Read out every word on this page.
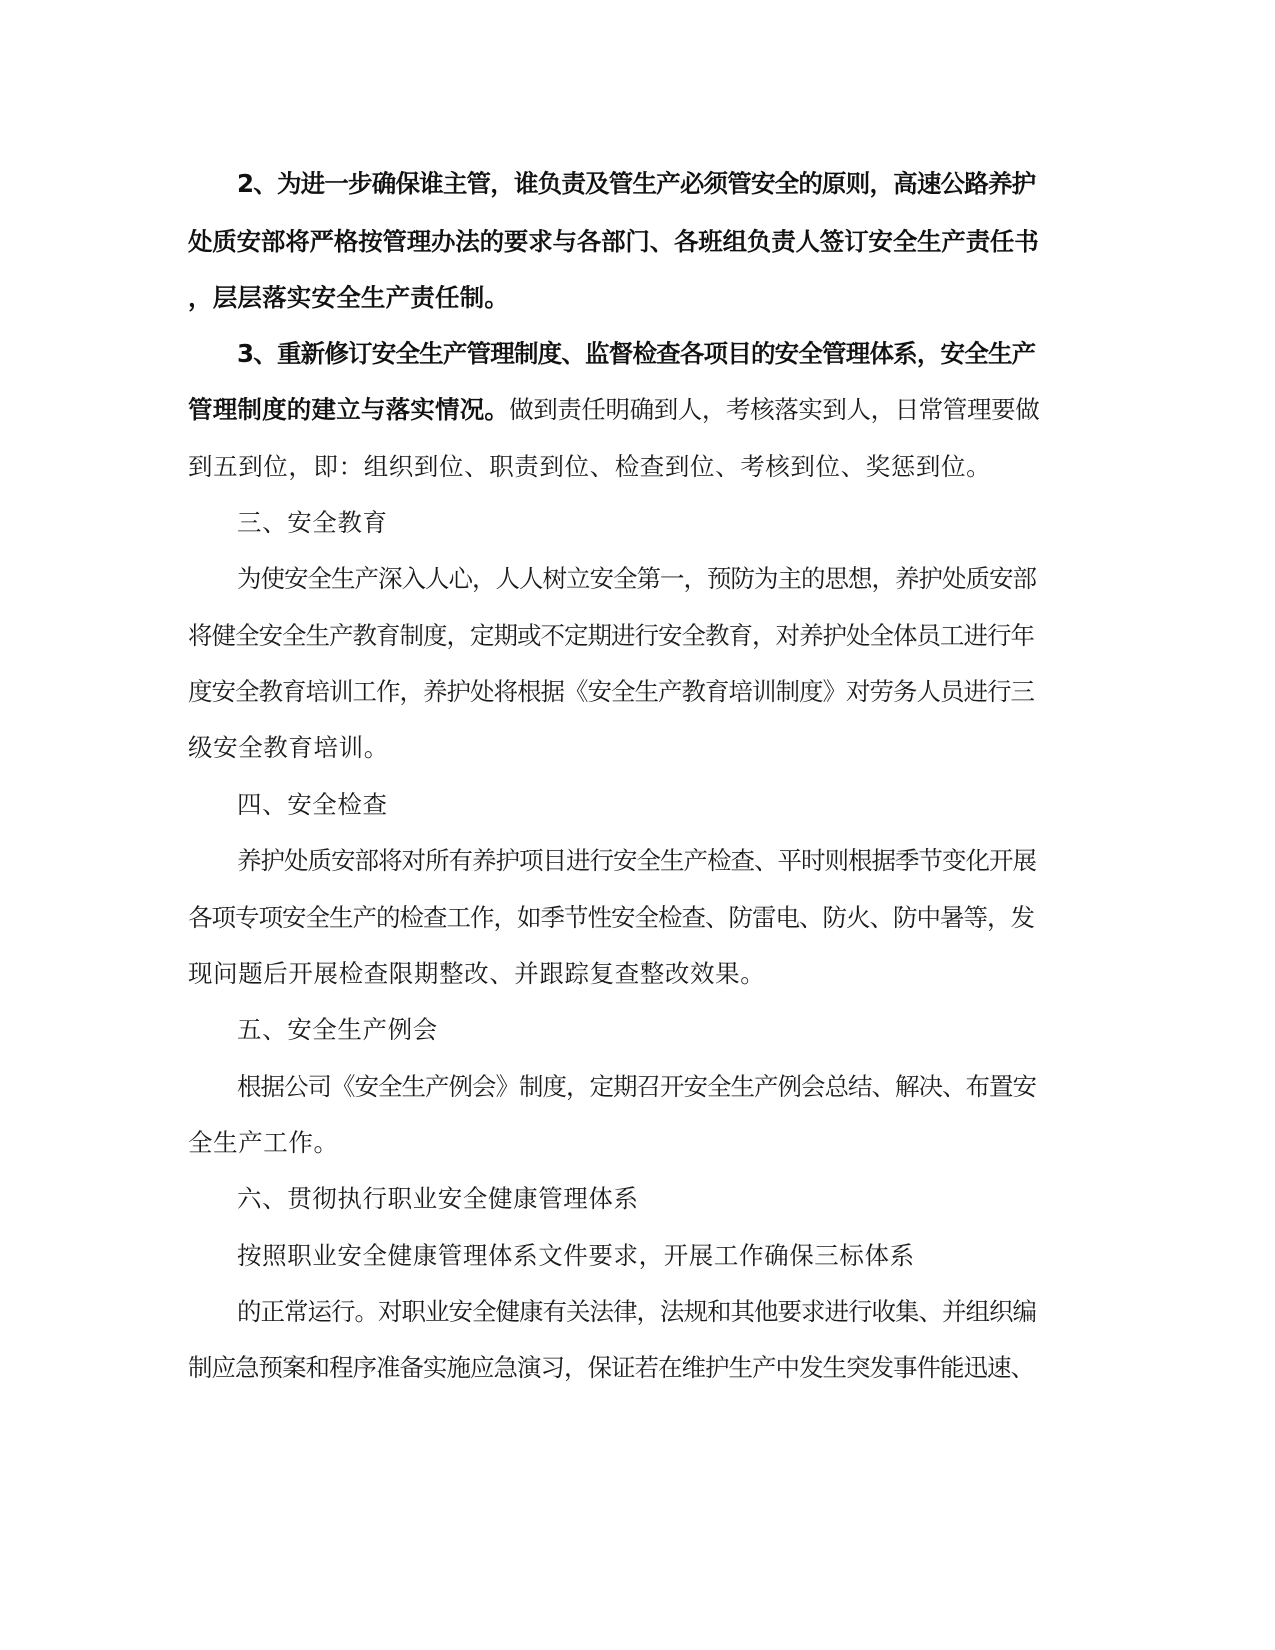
2、为进一步确保谁主管，谁负责及管生产必须管安全的原则，高速公路养护
处质安部将严格按管理办法的要求与各部门、各班组负责人签订安全生产责任书
，层层落实安全生产责任制。
3、重新修订安全生产管理制度、监督检查各项目的安全管理体系，安全生产
管理制度的建立与落实情况。做到责任明确到人，考核落实到人，日常管理要做
到五到位，即：组织到位、职责到位、检查到位、考核到位、奖惩到位。
三、安全教育
为使安全生产深入人心，人人树立安全第一，预防为主的思想，养护处质安部
将健全安全生产教育制度，定期或不定期进行安全教育，对养护处全体员工进行年
度安全教育培训工作，养护处将根据《安全生产教育培训制度》对劳务人员进行三
级安全教育培训。
四、安全检查
养护处质安部将对所有养护项目进行安全生产检查、平时则根据季节变化开展
各项专项安全生产的检查工作，如季节性安全检查、防雷电、防火、防中暑等，发
现问题后开展检查限期整改、并跟踪复查整改效果。
五、安全生产例会
根据公司《安全生产例会》制度，定期召开安全生产例会总结、解决、布置安
全生产工作。
六、贯彻执行职业安全健康管理体系
按照职业安全健康管理体系文件要求，开展工作确保三标体系
的正常运行。对职业安全健康有关法律，法规和其他要求进行收集、并组织编
制应急预案和程序准备实施应急演习，保证若在维护生产中发生突发事件能迅速、
